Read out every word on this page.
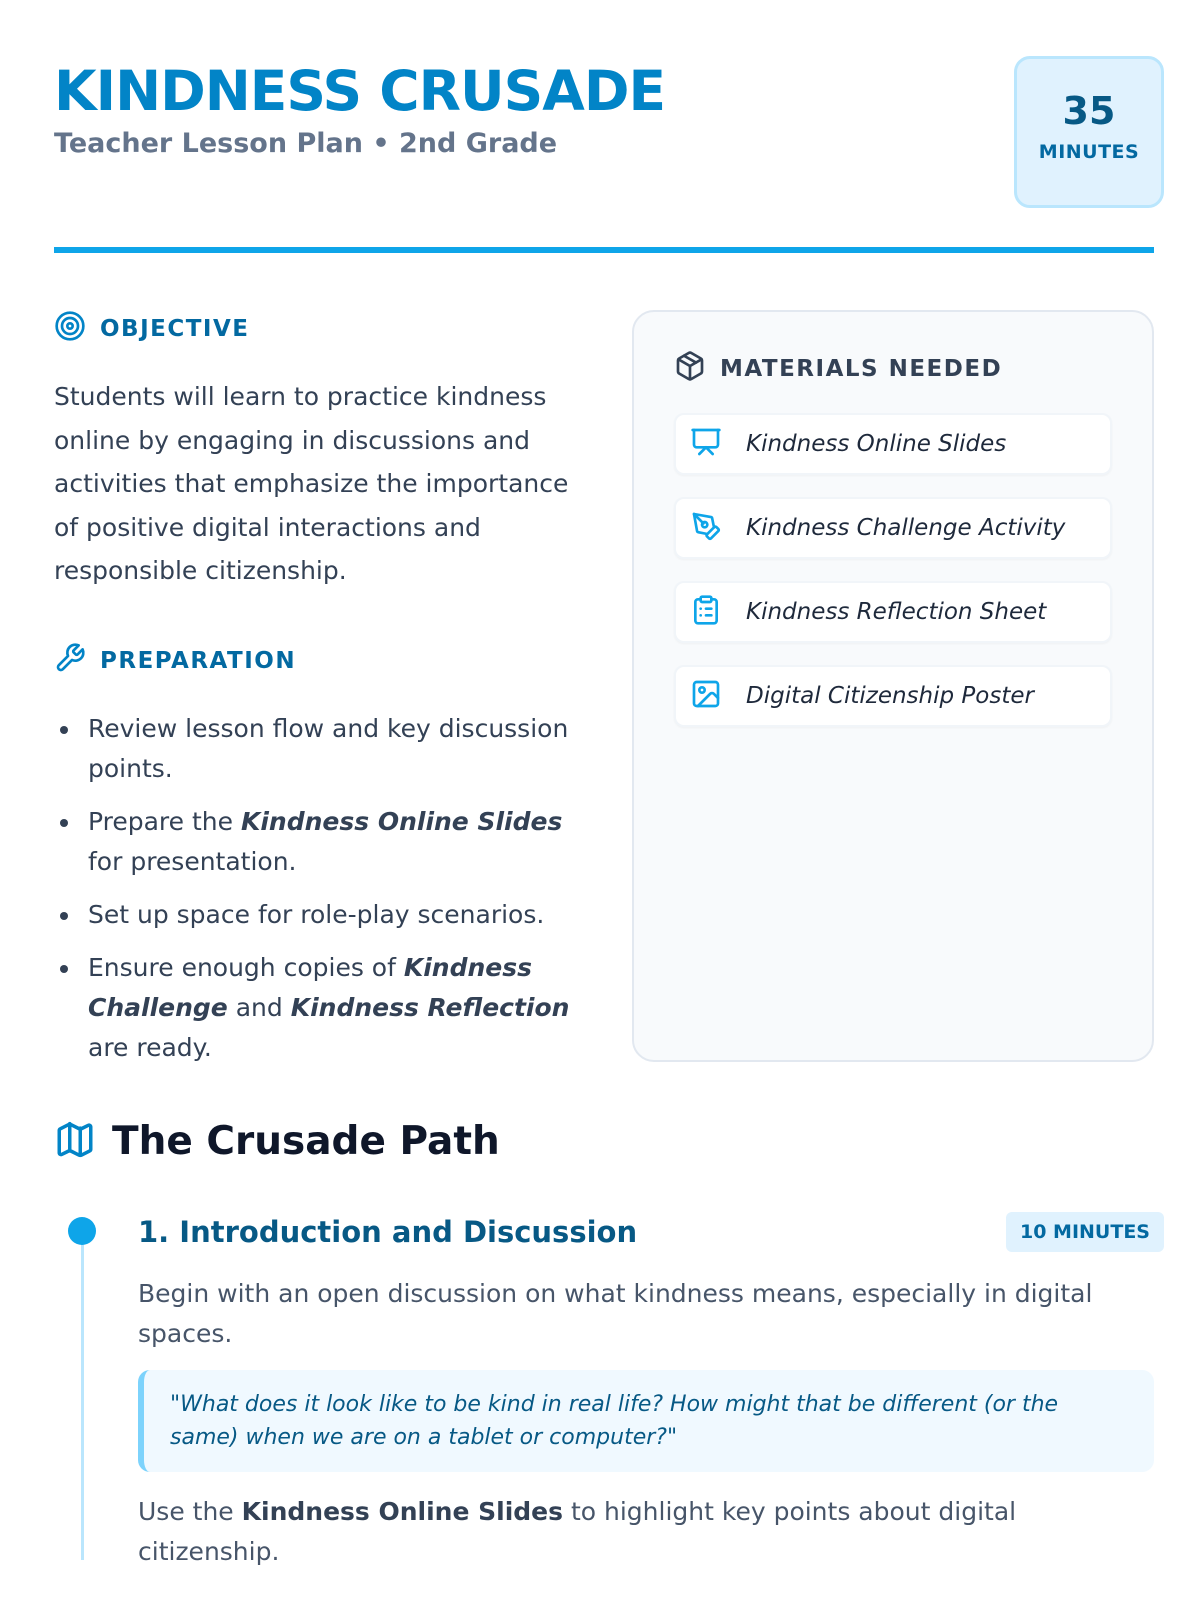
KINDNESS CRUSADE
Teacher Lesson Plan • 2nd Grade
35
MINUTES
OBJECTIVE

Students will learn to practice kindness online by engaging in discussions and activities that emphasize the importance of positive digital interactions and responsible citizenship.

PREPARATION
Review lesson flow and key discussion points.
Prepare the Kindness Online Slides for presentation.
Set up space for role-play scenarios.
Ensure enough copies of Kindness Challenge and Kindness Reflection are ready.
MATERIALS NEEDED
Kindness Online Slides
Kindness Challenge Activity
Kindness Reflection Sheet
Digital Citizenship Poster
The Crusade Path
1. Introduction and Discussion	10 MINUTES

Begin with an open discussion on what kindness means, especially in digital spaces.

"What does it look like to be kind in real life? How might that be different (or the same) when we are on a tablet or computer?"

Use the Kindness Online Slides to highlight key points about digital citizenship.
